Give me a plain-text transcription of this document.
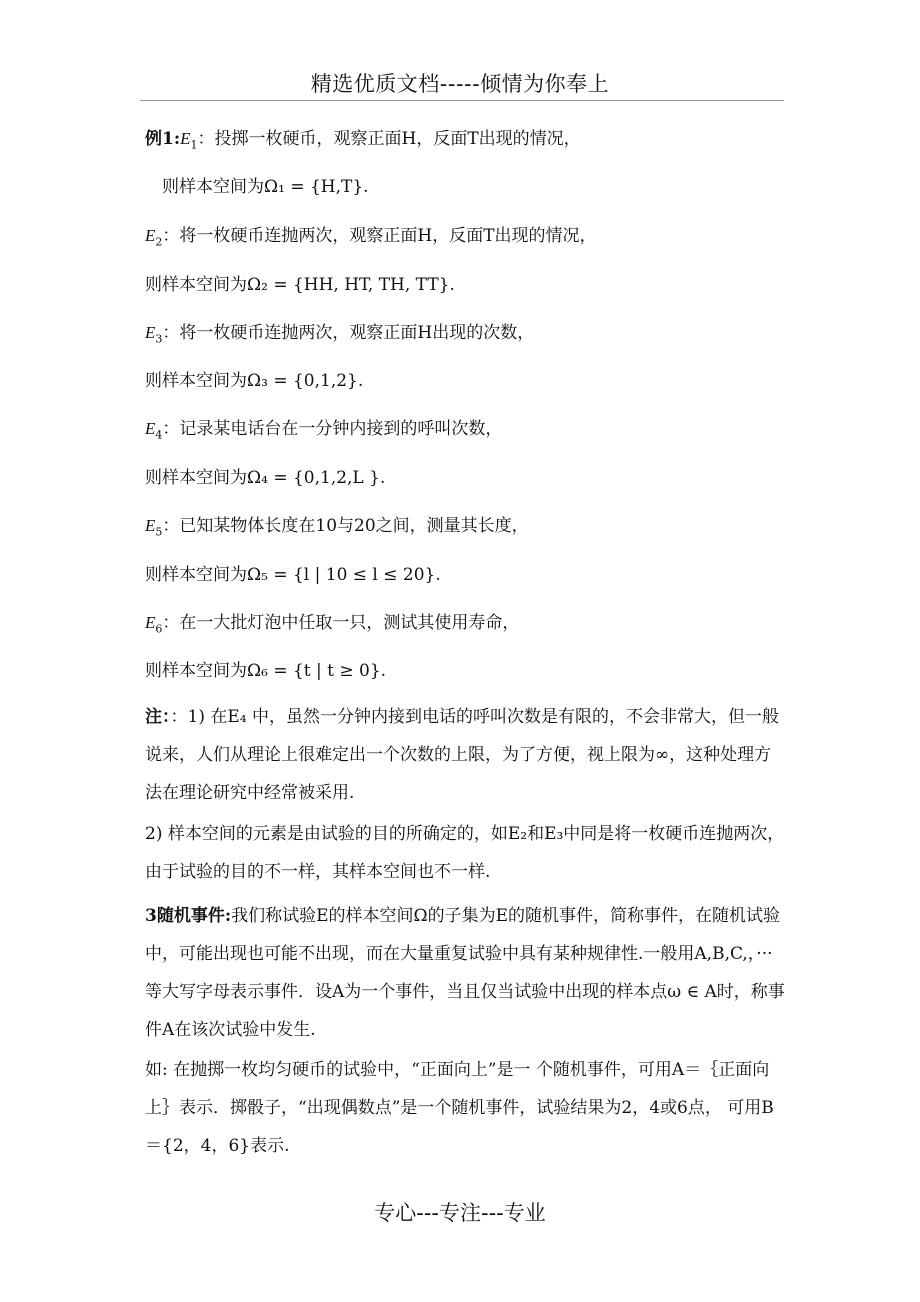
精选优质文档-----倾情为你奉上
例$1:E_1$：投掷一枚硬币，观察正面H，反面T出现的情况，
则样本空间为Ω₁ = {H,T}.
$E_2$：将一枚硬币连抛两次，观察正面H，反面T出现的情况，
则样本空间为Ω₂ = {HH, HT, TH, TT}.
$E_3$：将一枚硬币连抛两次，观察正面H出现的次数，
则样本空间为Ω₃ = {0,1,2}.
$E_4$：记录某电话台在一分钟内接到的呼叫次数，
则样本空间为Ω₄ = {0,1,2,L }.
$E_5$：已知某物体长度在10与20之间，测量其长度，
则样本空间为Ω₅ = {l | 10 ≤ l ≤ 20}.
$E_6$：在一大批灯泡中任取一只，测试其使用寿命，
则样本空间为Ω₆ = {t | t ≥ 0}.
注：：1) 在E₄ 中，虽然一分钟内接到电话的呼叫次数是有限的，不会非常大，但一般说来，人们从理论上很难定出一个次数的上限，为了方便，视上限为∞，这种处理方法在理论研究中经常被采用.
2) 样本空间的元素是由试验的目的所确定的，如E₂和E₃中同是将一枚硬币连抛两次，由于试验的目的不一样，其样本空间也不一样.
3随机事件:我们称试验E的样本空间Ω的子集为E的随机事件，简称事件，在随机试验中，可能出现也可能不出现，而在大量重复试验中具有某种规律性.一般用A,B,C,，···等大写字母表示事件．设A为一个事件，当且仅当试验中出现的样本点ω ∈ A时，称事件A在该次试验中发生.
如: 在抛掷一枚均匀硬币的试验中，“正面向上”是一 个随机事件，可用A＝｛正面向上｝表示．掷骰子，“出现偶数点”是一个随机事件，试验结果为2，4或6点， 可用B＝{2，4，6}表示.
专心---专注---专业
